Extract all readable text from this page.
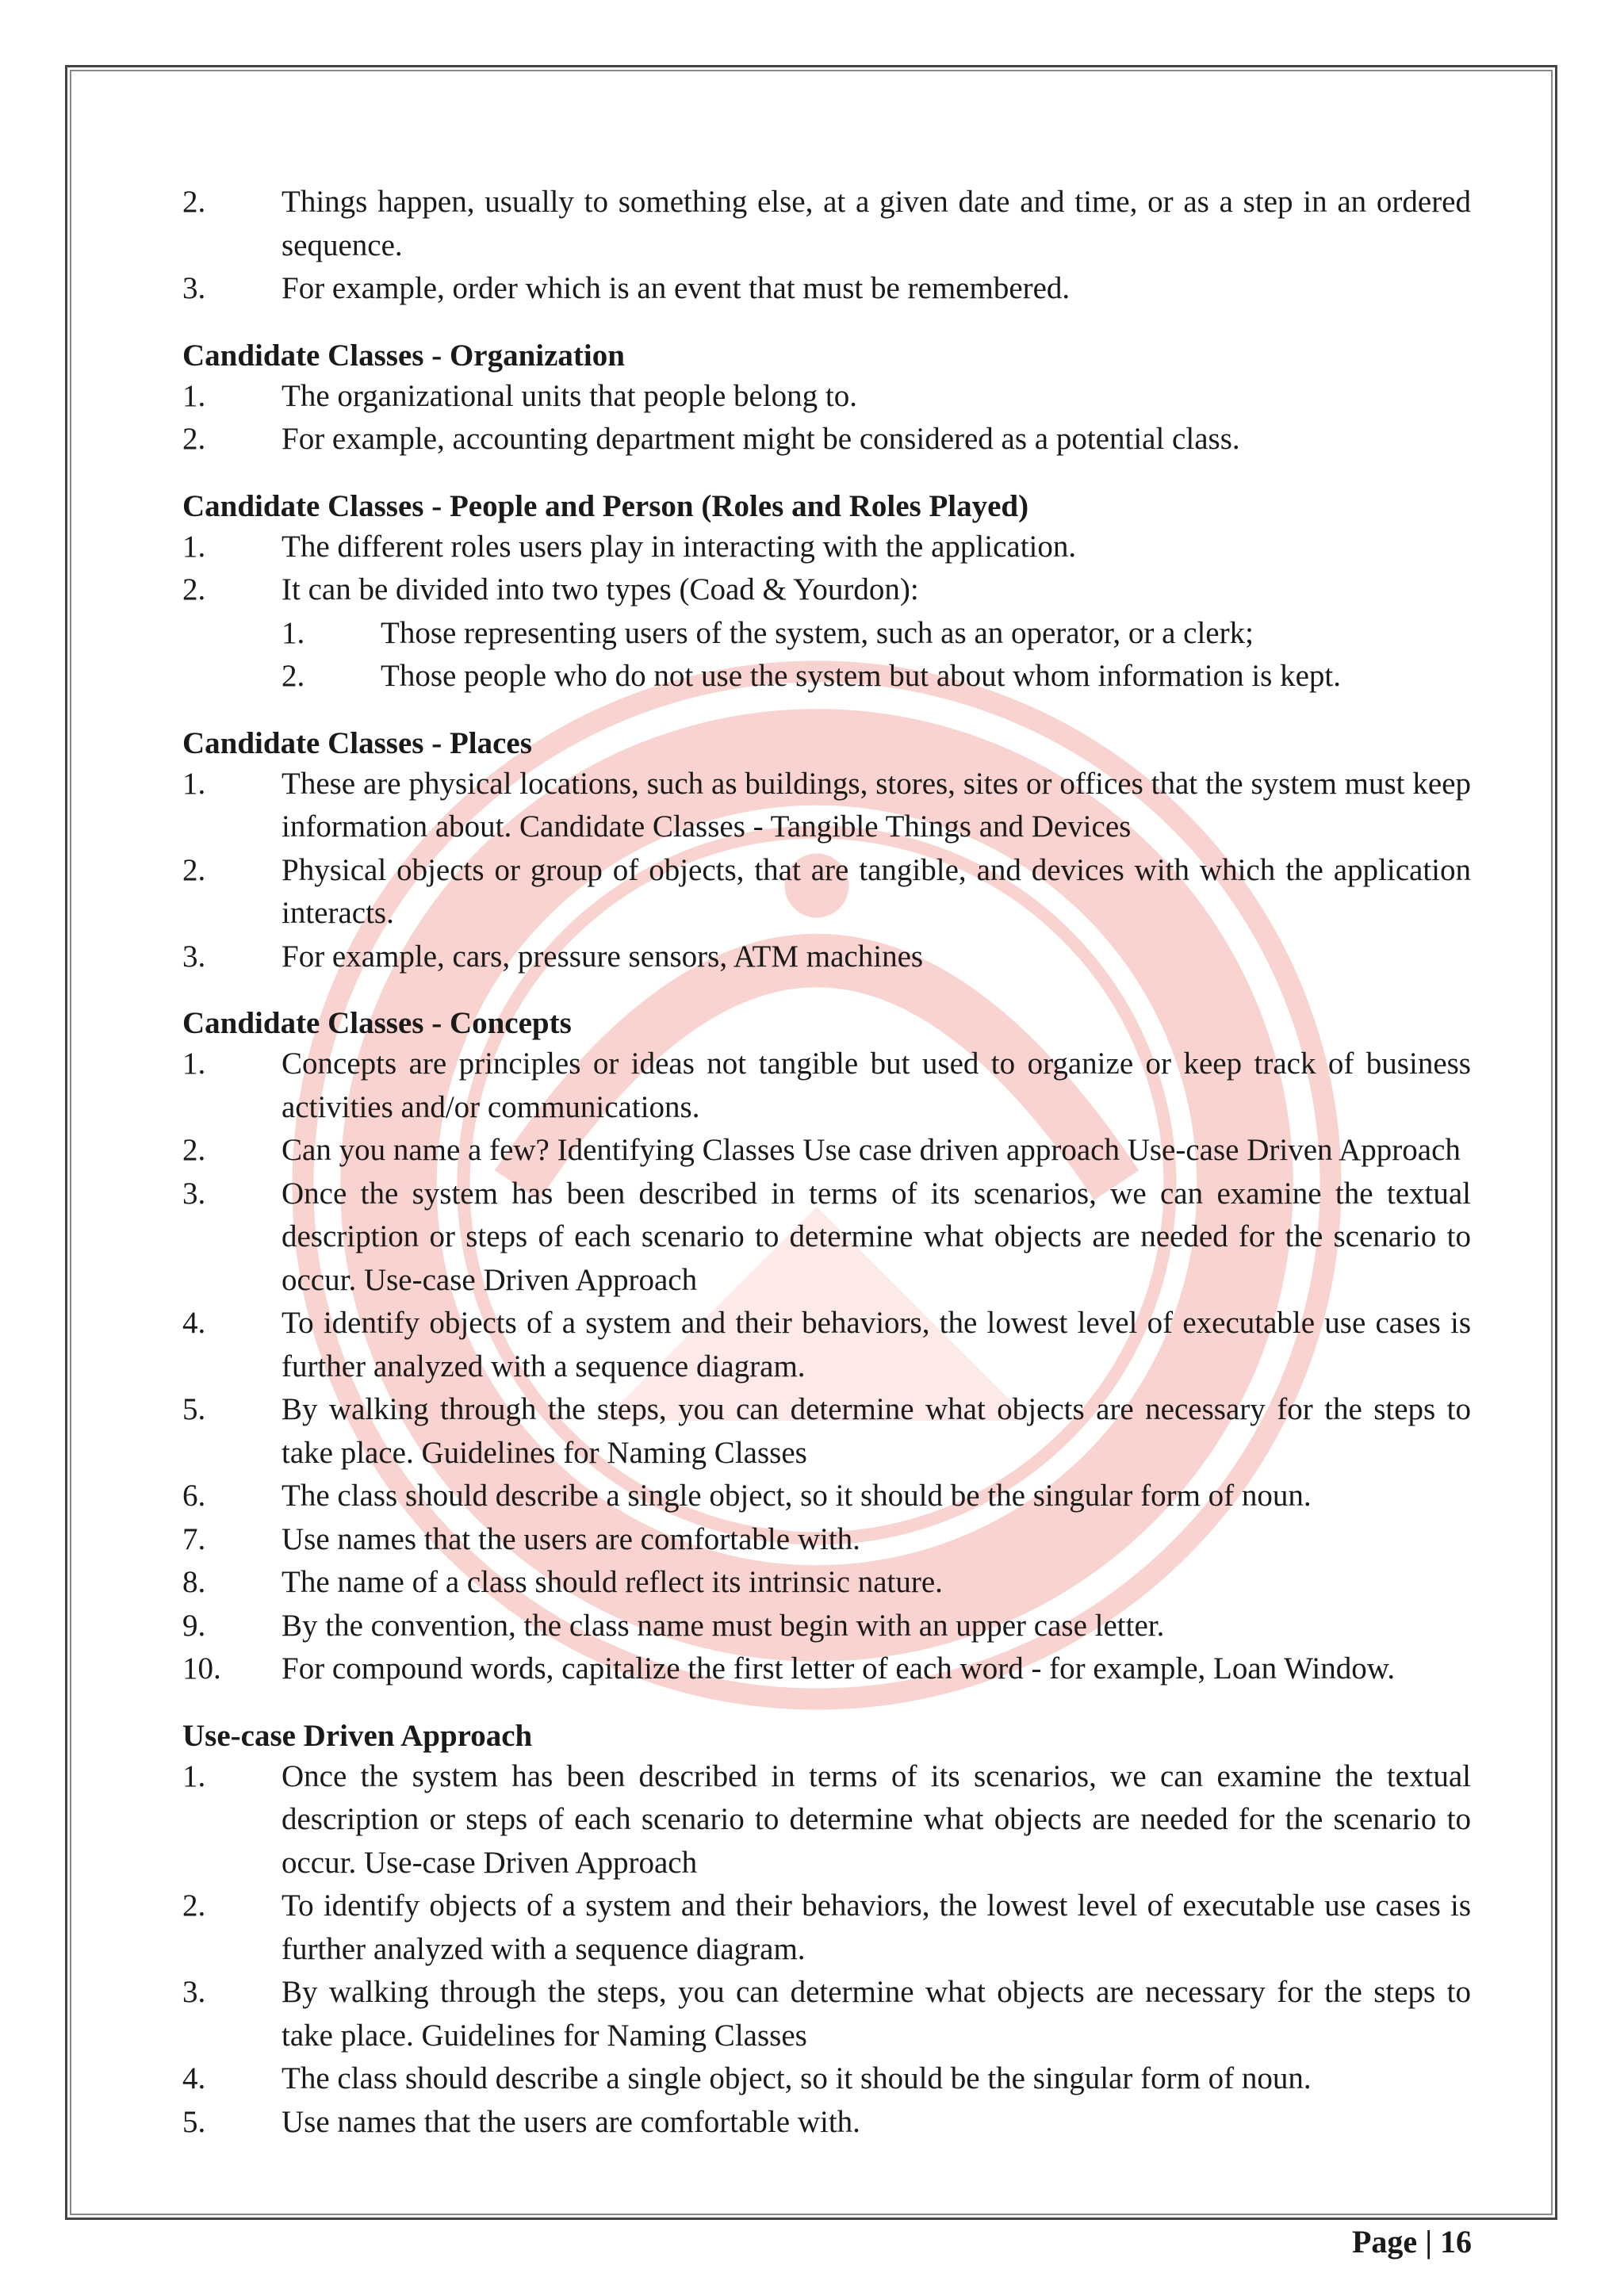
2. Things happen, usually to something else, at a given date and time, or as a step in an ordered sequence.
3. For example, order which is an event that must be remembered.
Candidate Classes - Organization
1. The organizational units that people belong to.
2. For example, accounting department might be considered as a potential class.
Candidate Classes - People and Person (Roles and Roles Played)
1. The different roles users play in interacting with the application.
2. It can be divided into two types (Coad & Yourdon):
1. Those representing users of the system, such as an operator, or a clerk;
2. Those people who do not use the system but about whom information is kept.
Candidate Classes - Places
1. These are physical locations, such as buildings, stores, sites or offices that the system must keep information about. Candidate Classes - Tangible Things and Devices
2. Physical objects or group of objects, that are tangible, and devices with which the application interacts.
3. For example, cars, pressure sensors, ATM machines
Candidate Classes - Concepts
1. Concepts are principles or ideas not tangible but used to organize or keep track of business activities and/or communications.
2. Can you name a few? Identifying Classes Use case driven approach Use-case Driven Approach
3. Once the system has been described in terms of its scenarios, we can examine the textual description or steps of each scenario to determine what objects are needed for the scenario to occur. Use-case Driven Approach
4. To identify objects of a system and their behaviors, the lowest level of executable use cases is further analyzed with a sequence diagram.
5. By walking through the steps, you can determine what objects are necessary for the steps to take place. Guidelines for Naming Classes
6. The class should describe a single object, so it should be the singular form of noun.
7. Use names that the users are comfortable with.
8. The name of a class should reflect its intrinsic nature.
9. By the convention, the class name must begin with an upper case letter.
10. For compound words, capitalize the first letter of each word - for example, Loan Window.
Use-case Driven Approach
1. Once the system has been described in terms of its scenarios, we can examine the textual description or steps of each scenario to determine what objects are needed for the scenario to occur. Use-case Driven Approach
2. To identify objects of a system and their behaviors, the lowest level of executable use cases is further analyzed with a sequence diagram.
3. By walking through the steps, you can determine what objects are necessary for the steps to take place. Guidelines for Naming Classes
4. The class should describe a single object, so it should be the singular form of noun.
5. Use names that the users are comfortable with.
Page | 16
